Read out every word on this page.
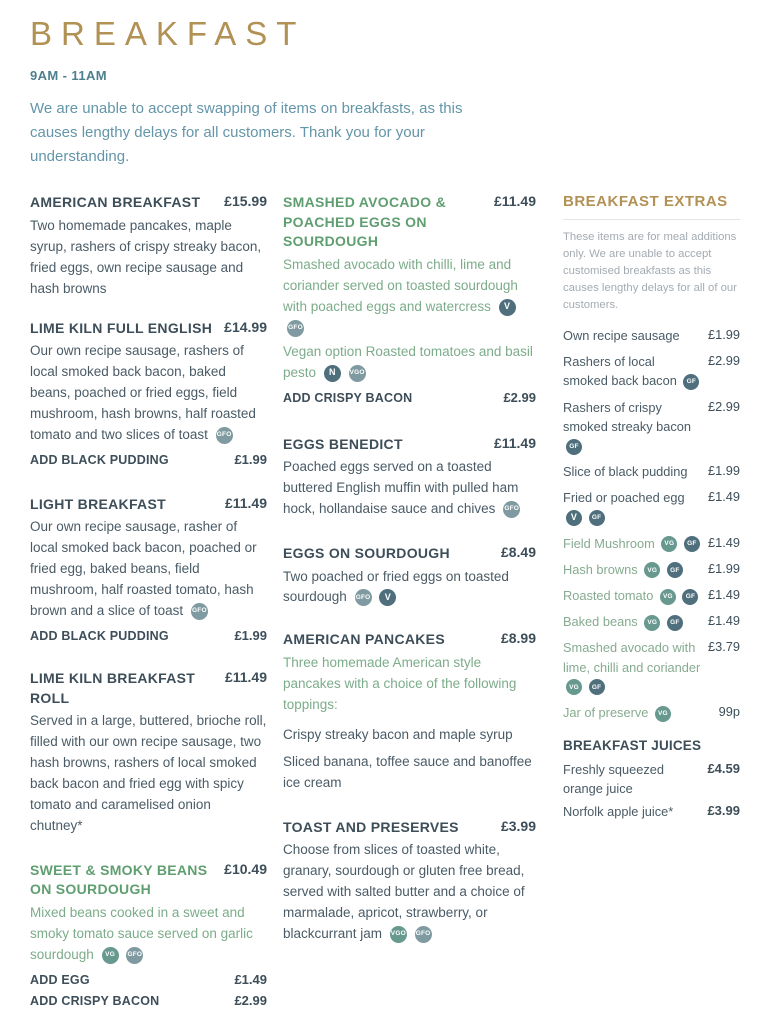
BREAKFAST
9AM - 11AM

We are unable to accept swapping of items on breakfasts, as this causes lengthy delays for all customers. Thank you for your understanding.

AMERICAN BREAKFAST	£15.99

Two homemade pancakes, maple syrup, rashers of crispy streaky bacon, fried eggs, own recipe sausage and hash browns

LIME KILN FULL ENGLISH £14.99

Our own recipe sausage, rashers of local smoked back bacon, baked beans, poached or fried eggs, field mushroom, hash browns, half roasted tomato and two slices of toast GFO

ADD BLACK PUDDING	£1.99
LIGHT BREAKFAST	£11.49

Our own recipe sausage, rasher of local smoked back bacon, poached or fried egg, baked beans, field mushroom, half roasted tomato, hash brown and a slice of toast GFO

ADD BLACK PUDDING	£1.99
LIME KILN BREAKFAST ROLL
£11.49

Served in a large, buttered, brioche roll, filled with our own recipe sausage, two hash browns, rashers of local smoked back bacon and fried egg with spicy tomato and caramelised onion chutney*

SWEET & SMOKY BEANS ON SOURDOUGH
£10.49

Mixed beans cooked in a sweet and smoky tomato sauce served on garlic sourdough VG GFO

ADD EGG	£1.49
ADD CRISPY BACON	£2.99
SMASHED AVOCADO & POACHED EGGS ON SOURDOUGH
£11.49

Smashed avocado with chilli, lime and coriander served on toasted sourdough with poached eggs and watercress V GFO

Vegan option Roasted tomatoes and basil pesto N VGO

ADD CRISPY BACON	£2.99
EGGS BENEDICT	£11.49

Poached eggs served on a toasted buttered English muffin with pulled ham hock, hollandaise sauce and chives GFO

EGGS ON SOURDOUGH	£8.49

Two poached or fried eggs on toasted sourdough GFO V

AMERICAN PANCAKES	£8.99

Three homemade American style pancakes with a choice of the following toppings:

Crispy streaky bacon and maple syrup

Sliced banana, toffee sauce and banoffee ice cream

TOAST AND PRESERVES	£3.99

Choose from slices of toasted white, granary, sourdough or gluten free bread, served with salted butter and a choice of marmalade, apricot, strawberry, or blackcurrant jam VGO GFO

BREAKFAST EXTRAS

These items are for meal additions only. We are unable to accept customised breakfasts as this causes lengthy delays for all of our customers.

Own recipe sausage	£1.99
Rashers of local smoked back bacon GF
£2.99
Rashers of crispy smoked streaky bacon GF
£2.99
Slice of black pudding	£1.99
Fried or poached egg V GF
£1.49
Field Mushroom VG GF £1.49
Hash browns VG GF	£1.99
Roasted tomato VG GF £1.49
Baked beans VG GF	£1.49
Smashed avocado with lime, chilli and coriander VG GF
£3.79
Jar of preserve VG	99p
BREAKFAST JUICES
Freshly squeezed orange juice
£4.59
Norfolk apple juice*	£3.99
